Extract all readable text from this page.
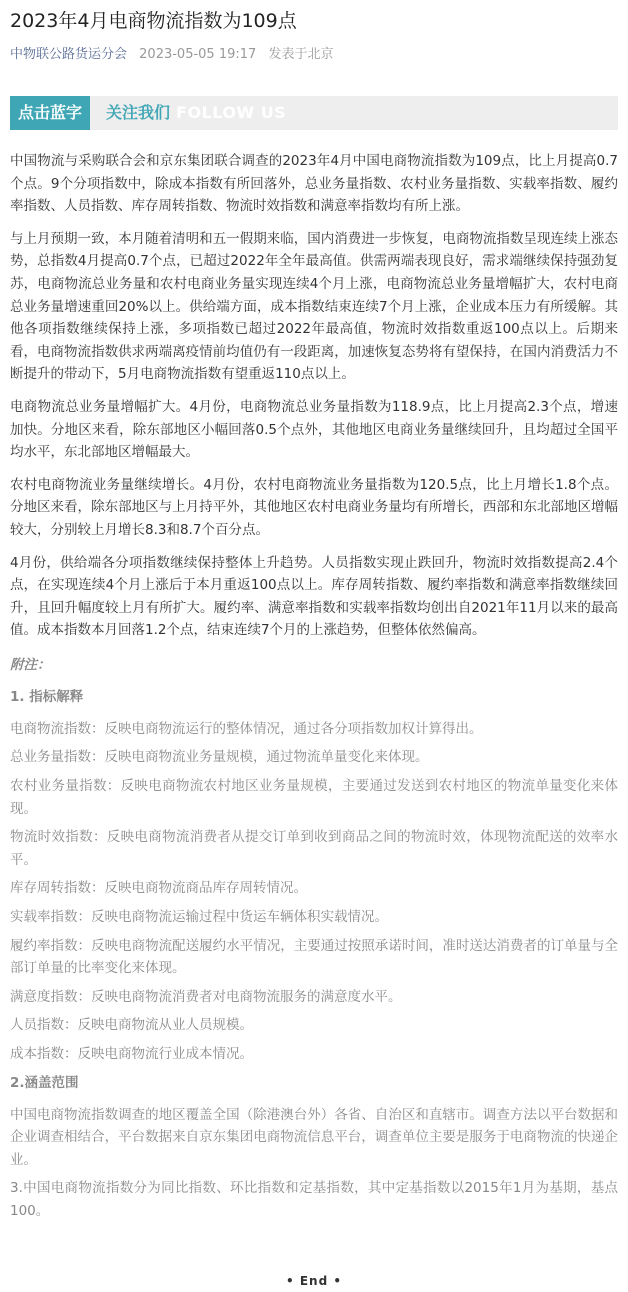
2023年4月电商物流指数为109点
中物联公路货运分会 2023-05-05 19:17 发表于北京
点击蓝字	关注我们 FOLLOW US

中国物流与采购联合会和京东集团联合调查的2023年4月中国电商物流指数为109点，比上月提高0.7个点。9个分项指数中，除成本指数有所回落外，总业务量指数、农村业务量指数、实载率指数、履约率指数、人员指数、库存周转指数、物流时效指数和满意率指数均有所上涨。

与上月预期一致，本月随着清明和五一假期来临，国内消费进一步恢复，电商物流指数呈现连续上涨态势，总指数4月提高0.7个点，已超过2022年全年最高值。供需两端表现良好，需求端继续保持强劲复苏，电商物流总业务量和农村电商业务量实现连续4个月上涨，电商物流总业务量增幅扩大，农村电商总业务量增速重回20%以上。供给端方面，成本指数结束连续7个月上涨，企业成本压力有所缓解。其他各项指数继续保持上涨，多项指数已超过2022年最高值，物流时效指数重返100点以上。后期来看，电商物流指数供求两端离疫情前均值仍有一段距离，加速恢复态势将有望保持，在国内消费活力不断提升的带动下，5月电商物流指数有望重返110点以上。

电商物流总业务量增幅扩大。4月份，电商物流总业务量指数为118.9点，比上月提高2.3个点，增速加快。分地区来看，除东部地区小幅回落0.5个点外，其他地区电商业务量继续回升，且均超过全国平均水平，东北部地区增幅最大。

农村电商物流业务量继续增长。4月份，农村电商物流业务量指数为120.5点，比上月增长1.8个点。分地区来看，除东部地区与上月持平外，其他地区农村电商业务量均有所增长，西部和东北部地区增幅较大，分别较上月增长8.3和8.7个百分点。

4月份，供给端各分项指数继续保持整体上升趋势。人员指数实现止跌回升，物流时效指数提高2.4个点，在实现连续4个月上涨后于本月重返100点以上。库存周转指数、履约率指数和满意率指数继续回升，且回升幅度较上月有所扩大。履约率、满意率指数和实载率指数均创出自2021年11月以来的最高值。成本指数本月回落1.2个点，结束连续7个月的上涨趋势，但整体依然偏高。

附注：
1. 指标解释

电商物流指数：反映电商物流运行的整体情况，通过各分项指数加权计算得出。

总业务量指数：反映电商物流业务量规模，通过物流单量变化来体现。

农村业务量指数：反映电商物流农村地区业务量规模，主要通过发送到农村地区的物流单量变化来体现。

物流时效指数：反映电商物流消费者从提交订单到收到商品之间的物流时效，体现物流配送的效率水平。

库存周转指数：反映电商物流商品库存周转情况。

实载率指数：反映电商物流运输过程中货运车辆体积实载情况。

履约率指数：反映电商物流配送履约水平情况，主要通过按照承诺时间，准时送达消费者的订单量与全部订单量的比率变化来体现。

满意度指数：反映电商物流消费者对电商物流服务的满意度水平。

人员指数：反映电商物流从业人员规模。

成本指数：反映电商物流行业成本情况。

2.涵盖范围

中国电商物流指数调查的地区覆盖全国（除港澳台外）各省、自治区和直辖市。调查方法以平台数据和企业调查相结合，平台数据来自京东集团电商物流信息平台，调查单位主要是服务于电商物流的快递企业。

3.中国电商物流指数分为同比指数、环比指数和定基指数，其中定基指数以2015年1月为基期，基点100。

• End •
